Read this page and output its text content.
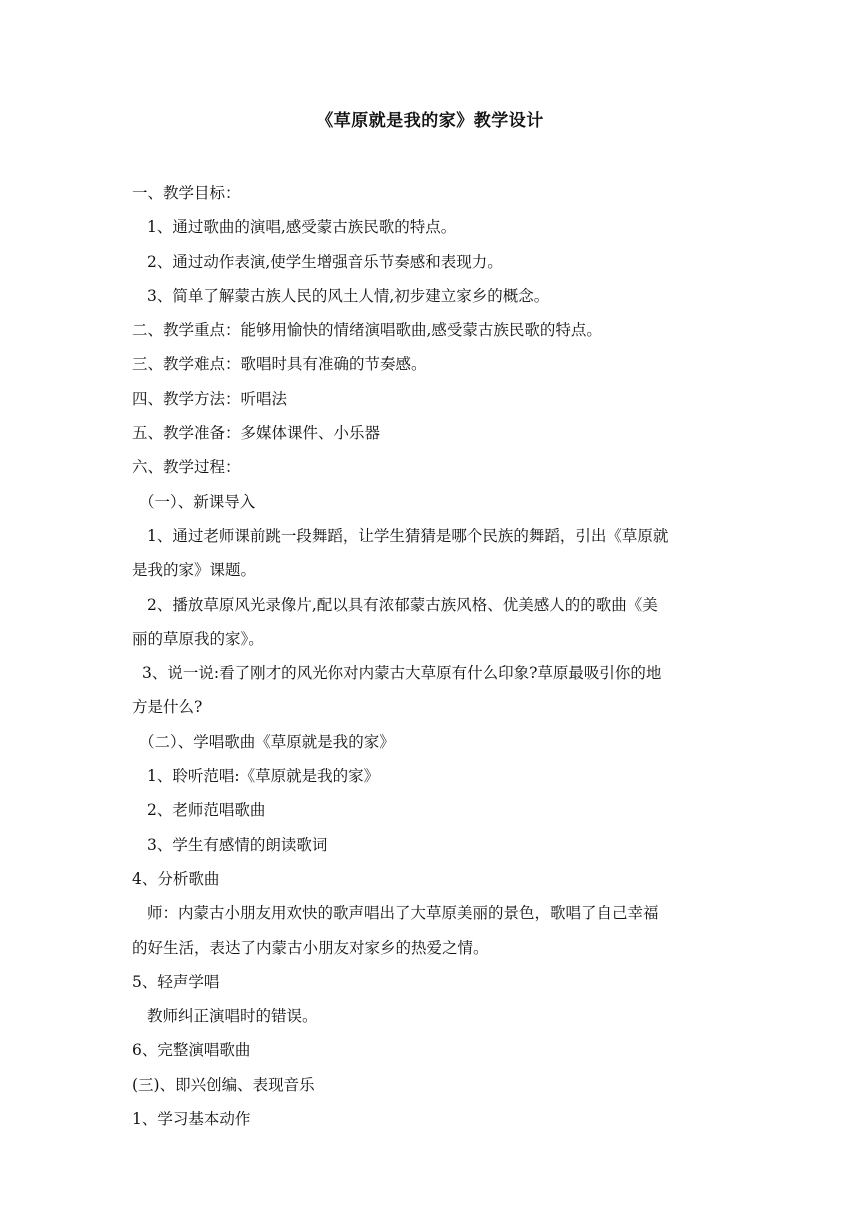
《草原就是我的家》教学设计

一、教学目标：

1、通过歌曲的演唱,感受蒙古族民歌的特点。

2、通过动作表演,使学生增强音乐节奏感和表现力。

3、简单了解蒙古族人民的风土人情,初步建立家乡的概念。

二、教学重点：能够用愉快的情绪演唱歌曲,感受蒙古族民歌的特点。

三、教学难点：歌唱时具有准确的节奏感。

四、教学方法：听唱法

五、教学准备：多媒体课件、小乐器

六、教学过程：

（一）、新课导入

1、通过老师课前跳一段舞蹈，让学生猜猜是哪个民族的舞蹈，引出《草原就

是我的家》课题。

2、播放草原风光录像片,配以具有浓郁蒙古族风格、优美感人的的歌曲《美

丽的草原我的家》。

3、说一说:看了刚才的风光你对内蒙古大草原有什么印象?草原最吸引你的地

方是什么?

（二）、学唱歌曲《草原就是我的家》

1、聆听范唱:《草原就是我的家》

2、老师范唱歌曲

3、学生有感情的朗读歌词

4、分析歌曲

师：内蒙古小朋友用欢快的歌声唱出了大草原美丽的景色，歌唱了自己幸福

的好生活，表达了内蒙古小朋友对家乡的热爱之情。

5、轻声学唱

教师纠正演唱时的错误。

6、完整演唱歌曲

(三)、即兴创编、表现音乐

1、学习基本动作
